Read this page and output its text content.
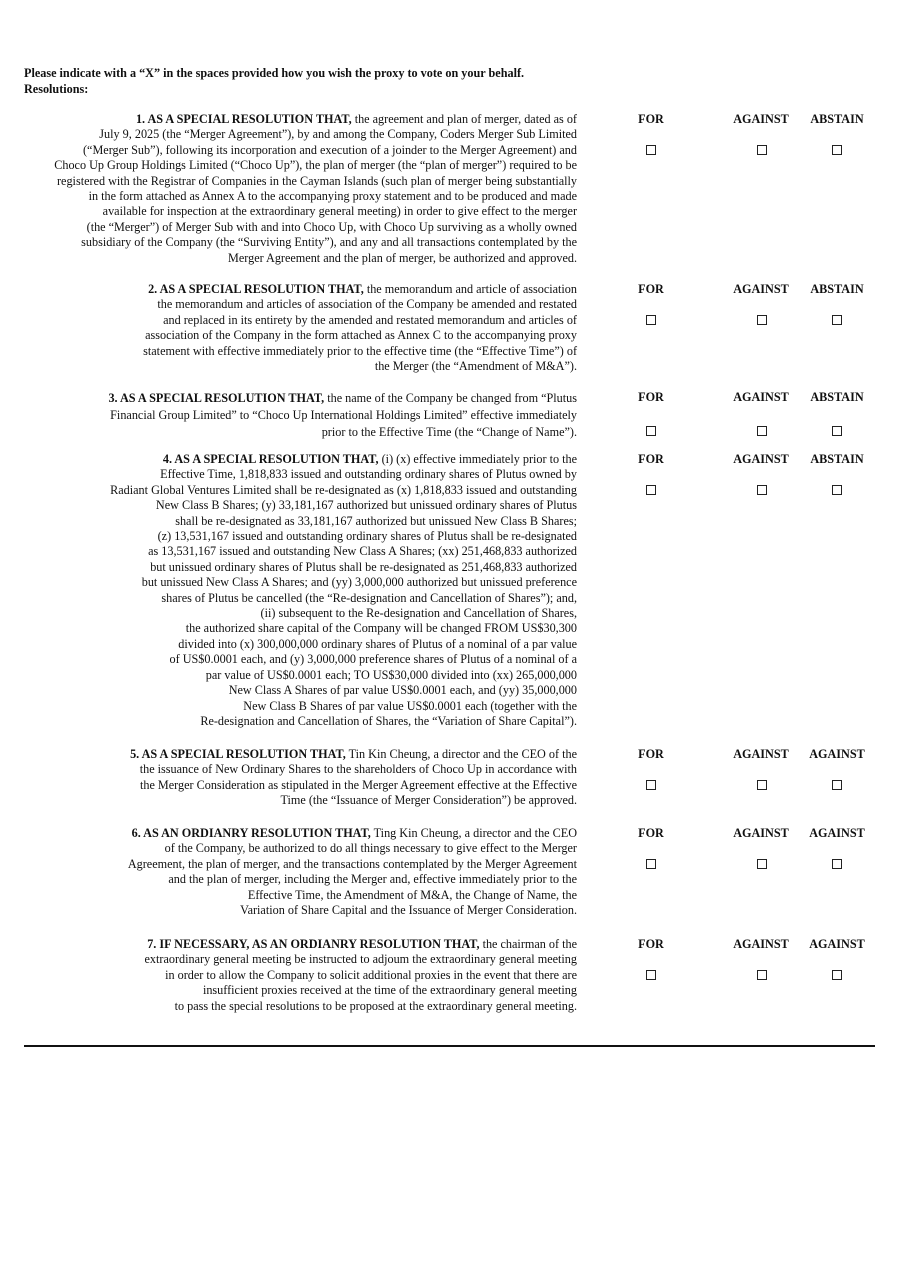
Please indicate with a “X” in the spaces provided how you wish the proxy to vote on your behalf.
Resolutions:
1. AS A SPECIAL RESOLUTION THAT, the agreement and plan of merger, dated as of
July 9, 2025 (the “Merger Agreement”), by and among the Company, Coders Merger Sub Limited
(“Merger Sub”), following its incorporation and execution of a joinder to the Merger Agreement) and
Choco Up Group Holdings Limited (“Choco Up”), the plan of merger (the “plan of merger”) required to be
registered with the Registrar of Companies in the Cayman Islands (such plan of merger being substantially
in the form attached as Annex A to the accompanying proxy statement and to be produced and made
available for inspection at the extraordinary general meeting) in order to give effect to the merger
(the “Merger”) of Merger Sub with and into Choco Up, with Choco Up surviving as a wholly owned
subsidiary of the Company (the “Surviving Entity”), and any and all transactions contemplated by the
Merger Agreement and the plan of merger, be authorized and approved.
FOR	AGAINST	ABSTAIN
2. AS A SPECIAL RESOLUTION THAT, the memorandum and article of association
the memorandum and articles of association of the Company be amended and restated
and replaced in its entirety by the amended and restated memorandum and articles of
association of the Company in the form attached as Annex C to the accompanying proxy
statement with effective immediately prior to the effective time (the “Effective Time”) of
the Merger (the “Amendment of M&A”).
FOR	AGAINST	ABSTAIN
3. AS A SPECIAL RESOLUTION THAT, the name of the Company be changed from “Plutus
Financial Group Limited” to “Choco Up International Holdings Limited” effective immediately
prior to the Effective Time (the “Change of Name”).
FOR	AGAINST	ABSTAIN
4. AS A SPECIAL RESOLUTION THAT, (i) (x) effective immediately prior to the
Effective Time, 1,818,833 issued and outstanding ordinary shares of Plutus owned by
Radiant Global Ventures Limited shall be re-designated as (x) 1,818,833 issued and outstanding
New Class B Shares; (y) 33,181,167 authorized but unissued ordinary shares of Plutus
shall be re-designated as 33,181,167 authorized but unissued New Class B Shares;
(z) 13,531,167 issued and outstanding ordinary shares of Plutus shall be re-designated
as 13,531,167 issued and outstanding New Class A Shares; (xx) 251,468,833 authorized
but unissued ordinary shares of Plutus shall be re-designated as 251,468,833 authorized
but unissued New Class A Shares; and (yy) 3,000,000 authorized but unissued preference
shares of Plutus be cancelled (the “Re-designation and Cancellation of Shares”); and,
(ii) subsequent to the Re-designation and Cancellation of Shares,
the authorized share capital of the Company will be changed FROM US$30,300
divided into (x) 300,000,000 ordinary shares of Plutus of a nominal of a par value
of US$0.0001 each, and (y) 3,000,000 preference shares of Plutus of a nominal of a
par value of US$0.0001 each; TO US$30,000 divided into (xx) 265,000,000
New Class A Shares of par value US$0.0001 each, and (yy) 35,000,000
New Class B Shares of par value US$0.0001 each (together with the
Re-designation and Cancellation of Shares, the “Variation of Share Capital”).
FOR	AGAINST	ABSTAIN
5. AS A SPECIAL RESOLUTION THAT, Tin Kin Cheung, a director and the CEO of the
the issuance of New Ordinary Shares to the shareholders of Choco Up in accordance with
the Merger Consideration as stipulated in the Merger Agreement effective at the Effective
Time (the “Issuance of Merger Consideration”) be approved.
FOR	AGAINST	AGAINST
6. AS AN ORDIANRY RESOLUTION THAT, Ting Kin Cheung, a director and the CEO
of the Company, be authorized to do all things necessary to give effect to the Merger
Agreement, the plan of merger, and the transactions contemplated by the Merger Agreement
and the plan of merger, including the Merger and, effective immediately prior to the
Effective Time, the Amendment of M&A, the Change of Name, the
Variation of Share Capital and the Issuance of Merger Consideration.
FOR	AGAINST	AGAINST
7. IF NECESSARY, AS AN ORDIANRY RESOLUTION THAT, the chairman of the
extraordinary general meeting be instructed to adjoum the extraordinary general meeting
in order to allow the Company to solicit additional proxies in the event that there are
insufficient proxies received at the time of the extraordinary general meeting
to pass the special resolutions to be proposed at the extraordinary general meeting.
FOR	AGAINST	AGAINST
